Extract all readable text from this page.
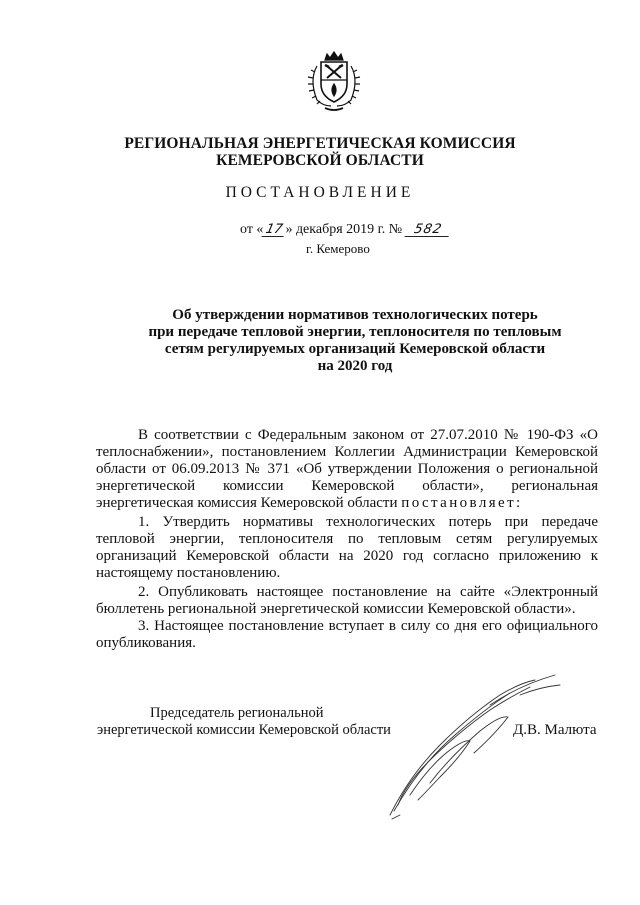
РЕГИОНАЛЬНАЯ ЭНЕРГЕТИЧЕСКАЯ КОМИССИЯ
КЕМЕРОВСКОЙ ОБЛАСТИ
ПОСТАНОВЛЕНИЕ
от «17» декабря 2019 г. № 582
г. Кемерово
Об утверждении нормативов технологических потерь
при передаче тепловой энергии, теплоносителя по тепловым
сетям регулируемых организаций Кемеровской области
на 2020 год

В соответствии с Федеральным законом от 27.07.2010 № 190-ФЗ «О теплоснабжении», постановлением Коллегии Администрации Кемеровской области от 06.09.2013 № 371 «Об утверждении Положения о региональной энергетической комиссии Кемеровской области», региональная энергетическая комиссия Кемеровской области постановляет:

1. Утвердить нормативы технологических потерь при передаче тепловой энергии, теплоносителя по тепловым сетям регулируемых организаций Кемеровской области на 2020 год согласно приложению к настоящему постановлению.

2. Опубликовать настоящее постановление на сайте «Электронный бюллетень региональной энергетической комиссии Кемеровской области».

3. Настоящее постановление вступает в силу со дня его официального опубликования.

Председатель региональной
энергетической комиссии Кемеровской области	Д.В. Малюта
